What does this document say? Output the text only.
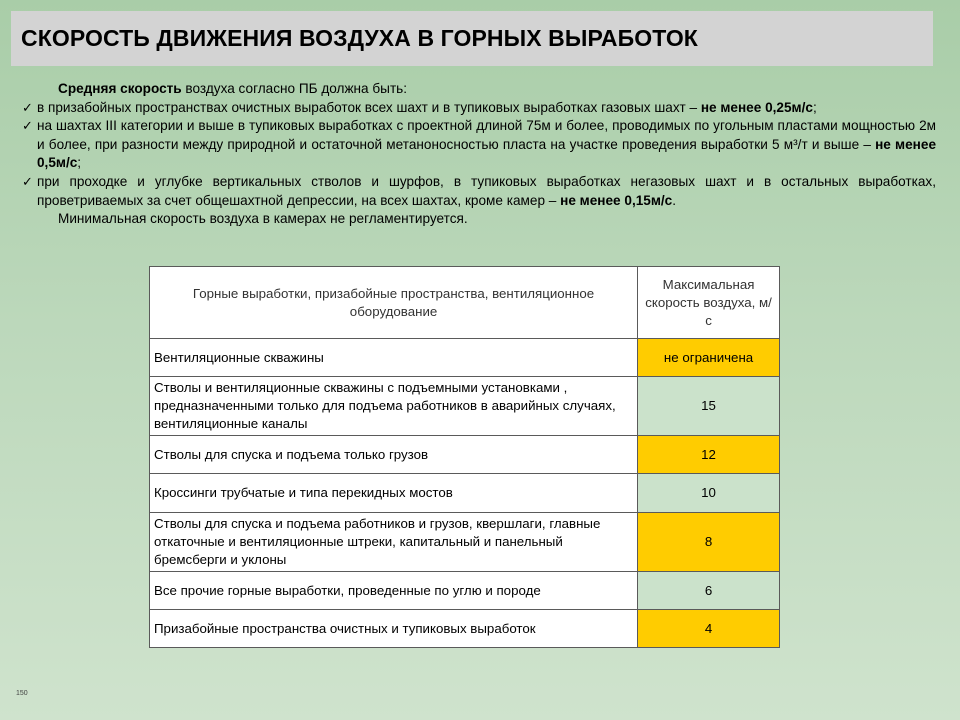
СКОРОСТЬ ДВИЖЕНИЯ ВОЗДУХА В ГОРНЫХ ВЫРАБОТОК

Средняя скорость воздуха согласно ПБ должна быть:

✓ в призабойных пространствах очистных выработок всех шахт и в тупиковых выработках газовых шахт – не менее 0,25м/с;

✓ на шахтах III категории и выше в тупиковых выработках с проектной длиной 75м и более, проводимых по угольным пластами мощностью 2м и более, при разности между природной и остаточной метаноносностью пласта на участке проведения выработки 5 м³/т и выше – не менее 0,5м/с;

✓ при проходке и углубке вертикальных стволов и шурфов, в тупиковых выработках негазовых шахт и в остальных выработках, проветриваемых за счет общешахтной депрессии, на всех шахтах, кроме камер – не менее 0,15м/с.

Минимальная скорость воздуха в камерах не регламентируется.

Горные выработки, призабойные пространства, вентиляционное оборудование	Максимальная скорость воздуха, м/с
Вентиляционные скважины	не ограничена
Стволы и вентиляционные скважины с подъемными установками , предназначенными только для подъема работников в аварийных случаях, вентиляционные каналы	15
Стволы для спуска и подъема только грузов	12
Кроссинги трубчатые и типа перекидных мостов	10
Стволы для спуска и подъема работников и грузов, квершлаги, главные откаточные и вентиляционные штреки, капитальный и панельный бремсберги и уклоны	8
Все прочие горные выработки, проведенные по углю и породе	6
Призабойные пространства очистных и тупиковых выработок	4
150
